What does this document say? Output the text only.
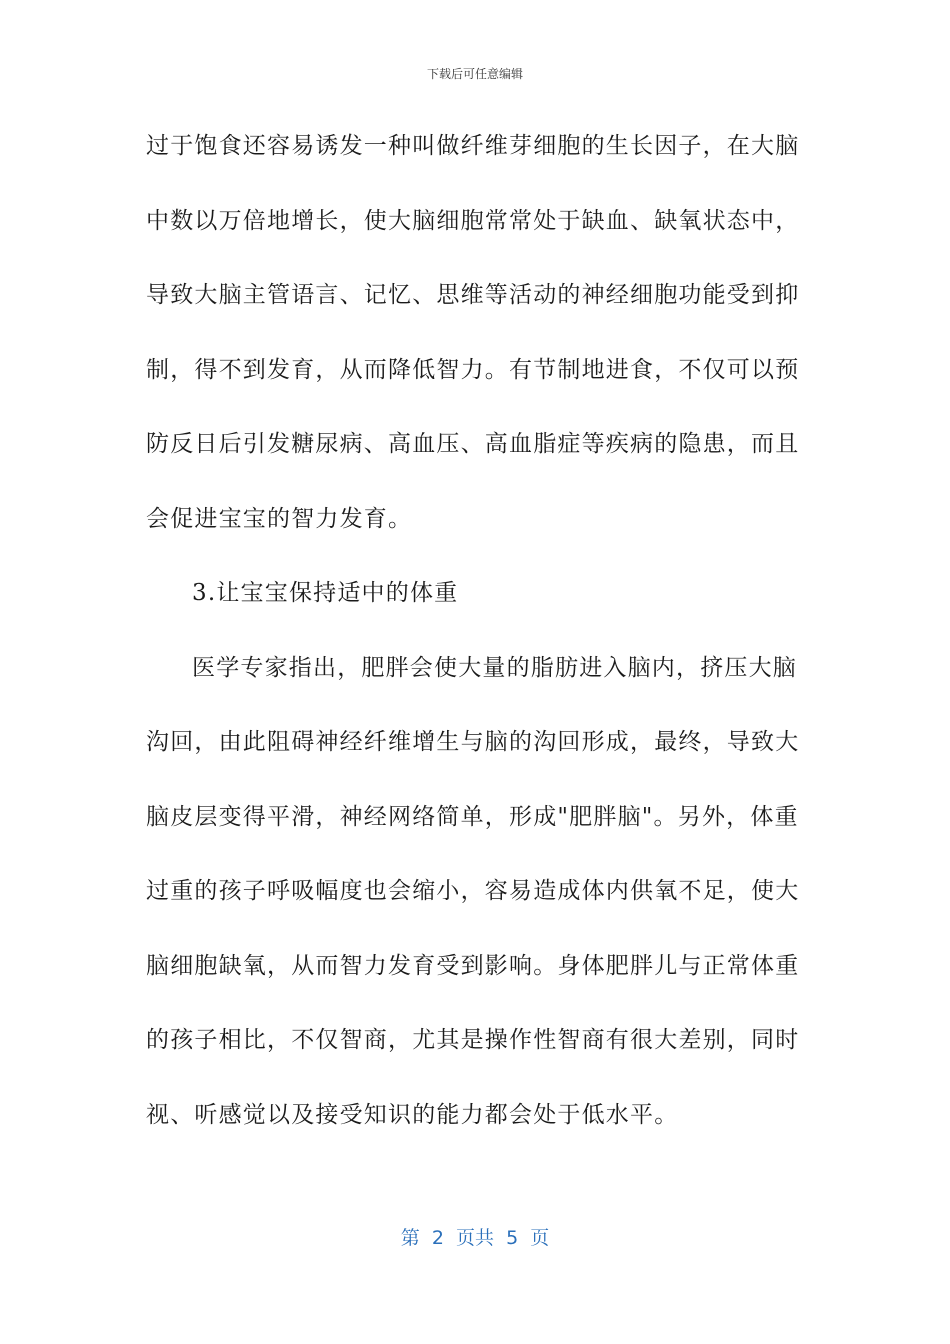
下载后可任意编辑
过于饱食还容易诱发一种叫做纤维芽细胞的生长因子，在大脑
中数以万倍地增长，使大脑细胞常常处于缺血、缺氧状态中，
导致大脑主管语言、记忆、思维等活动的神经细胞功能受到抑
制，得不到发育，从而降低智力。有节制地进食，不仅可以预
防反日后引发糖尿病、高血压、高血脂症等疾病的隐患，而且
会促进宝宝的智力发育。
3.让宝宝保持适中的体重
医学专家指出，肥胖会使大量的脂肪进入脑内，挤压大脑
沟回，由此阻碍神经纤维增生与脑的沟回形成，最终，导致大
脑皮层变得平滑，神经网络简单，形成"肥胖脑"。另外，体重
过重的孩子呼吸幅度也会缩小，容易造成体内供氧不足，使大
脑细胞缺氧，从而智力发育受到影响。身体肥胖儿与正常体重
的孩子相比，不仅智商，尤其是操作性智商有很大差别，同时
视、听感觉以及接受知识的能力都会处于低水平。
第  2  页共  5  页
